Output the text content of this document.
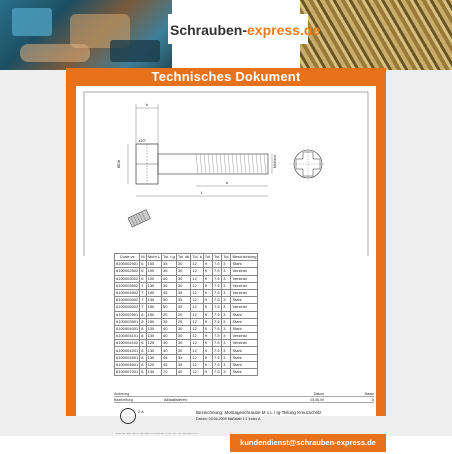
Schrauben-express.de
Technisches Dokument
k
ØDk
120°
L
b
Metrisch
Code vs	M	Nicht L	Tol. Lg	Tol. dk	Tol. k	Tol.	Tol.	Tol.	Beschichtung
6100002501	6	100	35	30	12	9	7.5	3	Stahl
6100002502	6	100	35	30	12	9	7.5	3	Verzinkt
6100003002	6	100	40	30	12	9	7.5	3	Verzinkt
6100003502	7	130	35	30	12	9	7.5	3	Verzinkt
6100004502	7	150	45	35	12	9	7.5	3	Verzinkt
6100005002	7	130	50	35	12	9	7.5	3	Stahl
6100006002	7	150	50	35	12	9	7.5	3	Verzinkt
6100002501	8	150	25	20	12	9	7.5	3	Stahl
6100003501	8	150	35	25	12	9	7.5	3	Stahl
6100004001	8	130	40	30	12	9	7.5	3	Stahl
6100004101	8	130	40	30	12	9	7.5	3	Verzinkt
6100004102	8	125	40	30	12	9	7.5	3	Verzinkt
6100004201	8	130	40	30	12	9	7.5	3	Stahl
6100004501	8	130	45	35	12	9	7.5	3	Stahl
6100004601	8	120	45	35	12	9	7.5	3	Stahl
6100007001	8	130	70	40	12	9	7.5	3	Stahl
Änderung	Datum	Name
Bearbeitung	Aktualisieren	03.06.09	A
Z.A.	Bezeichnung: Montageschraube M x L / Ig-Teilung Kreuzschlitz
Datum: 03.06.2009 Maßstab 1:1 Index A
kundendienst@schrauben-express.de
